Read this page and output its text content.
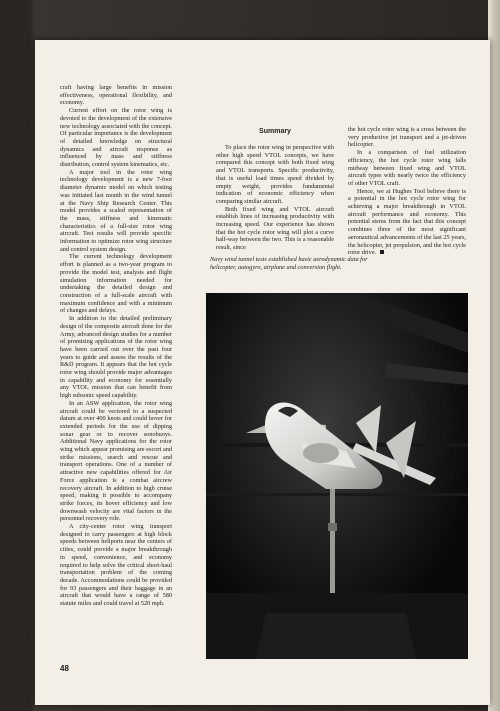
craft having large benefits in mission effectiveness, operational flexibility, and economy.

Current effort on the rotor wing is devoted to the development of the extensive new technology associated with the concept. Of particular importance is the development of detailed knowledge on structural dynamics and aircraft response as influenced by mass and stiffness distribution, control system kinematics, etc.

A major tool in the rotor wing technology development is a new 7-foot diameter dynamic model on which testing was initiated last month in the wind tunnel at the Navy Ship Research Center. This model provides a scaled representation of the mass, stiffness and kinematic characteristics of a full-size rotor wing aircraft. Test results will provide specific information to optimize rotor wing structure and control system design.

The current technology development effort is planned as a two-year program to provide the model test, analysis and flight simulation information needed for undertaking the detailed design and construction of a full-scale aircraft with maximum confidence and with a minimum of changes and delays.

In addition to the detailed preliminary design of the composite aircraft done for the Army, advanced design studies for a number of promising applications of the rotor wing have been carried out over the past four years to guide and assess the results of the R&D program. It appears that the hot cycle rotor wing should provide major advantages in capability and economy for essentially any VTOL mission that can benefit from high subsonic speed capability.

In an ASW application, the rotor wing aircraft could be vectored to a suspected datum at over 400 knots and could hover for extended periods for the use of dipping sonar gear or to recover sonobuoys. Additional Navy applications for the rotor wing which appear promising are escort and strike missions, search and rescue and transport operations. One of a number of attractive new capabilities offered for Air Force application is a combat aircrew recovery aircraft. In addition to high cruise speed, making it possible to accompany strike forces, its hover efficiency and low downwash velocity are vital factors in the personnel recovery role.

A city-center rotor wing transport designed to carry passengers at high block speeds between heliports near the centers of cities, could provide a major breakthrough in speed, convenience, and economy required to help solve the critical short-haul transportation problem of the coming decade. Accommodations could be provided for 93 passengers and their baggage in an aircraft that would have a range of 580 statute miles and could travel at 520 mph.

Summary

To place the rotor wing in perspective with other high speed VTOL concepts, we have compared this concept with both fixed wing and VTOL transports. Specific productivity, that is useful load times speed divided by empty weight, provides fundamental indication of economic efficiency when comparing similar aircraft.

Both fixed wing and VTOL aircraft establish lines of increasing productivity with increasing speed. Our experience has shown that the hot cycle rotor wing will plot a curve half-way between the two. This is a reasonable result, since

the hot cycle rotor wing is a cross between the very productive jet transport and a jet-driven helicopter.

In a comparison of fuel utilization efficiency, the hot cycle rotor wing falls midway between fixed wing and VTOL aircraft types with nearly twice the efficiency of other VTOL craft.

Hence, we at Hughes Tool believe there is a potential in the hot cycle rotor wing for achieving a major breakthrough in VTOL aircraft performance and economy. This potential stems from the fact that this concept combines three of the most significant aeronautical advancements of the last 25 years, the helicopter, jet propulsion, and the hot cycle rotor drive.

Navy wind tunnel tests established basic aerodynamic data for helicopter, autogyro, airplane and conversion flight.
48
